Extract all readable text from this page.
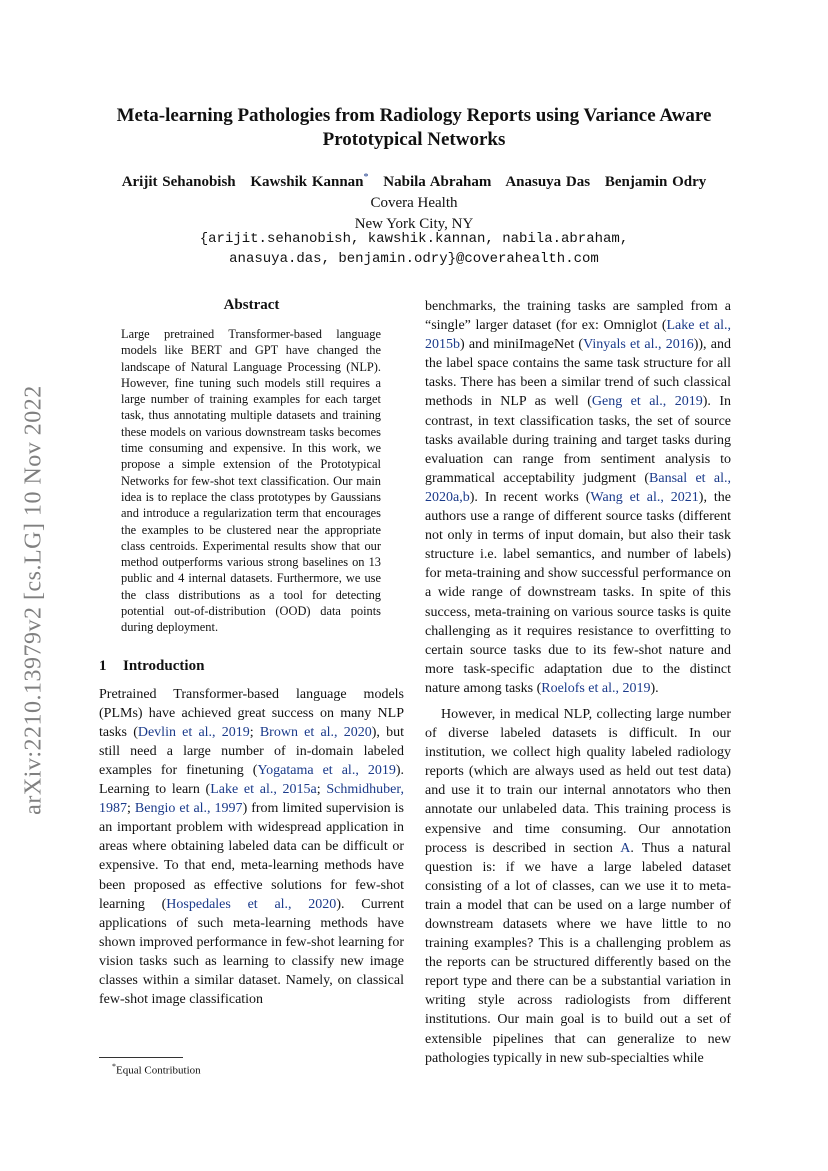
arXiv:2210.13979v2 [cs.LG] 10 Nov 2022
Meta-learning Pathologies from Radiology Reports using Variance Aware Prototypical Networks
Arijit Sehanobish Kawshik Kannan* Nabila Abraham Anasuya Das Benjamin Odry
Covera Health
New York City, NY
{arijit.sehanobish, kawshik.kannan, nabila.abraham,
anasuya.das, benjamin.odry}@coverahealth.com
Abstract

Large pretrained Transformer-based language models like BERT and GPT have changed the landscape of Natural Language Processing (NLP). However, fine tuning such models still requires a large number of training examples for each target task, thus annotating multiple datasets and training these models on various downstream tasks becomes time consuming and expensive. In this work, we propose a simple extension of the Prototypical Networks for few-shot text classification. Our main idea is to replace the class prototypes by Gaussians and introduce a regularization term that encourages the examples to be clustered near the appropriate class centroids. Experimental results show that our method outperforms various strong baselines on 13 public and 4 internal datasets. Furthermore, we use the class distributions as a tool for detecting potential out-of-distribution (OOD) data points during deployment.

1 Introduction

Pretrained Transformer-based language models (PLMs) have achieved great success on many NLP tasks (Devlin et al., 2019; Brown et al., 2020), but still need a large number of in-domain labeled examples for finetuning (Yogatama et al., 2019). Learning to learn (Lake et al., 2015a; Schmidhuber, 1987; Bengio et al., 1997) from limited supervision is an important problem with widespread application in areas where obtaining labeled data can be difficult or expensive. To that end, meta-learning methods have been proposed as effective solutions for few-shot learning (Hospedales et al., 2020). Current applications of such meta-learning methods have shown improved performance in few-shot learning for vision tasks such as learning to classify new image classes within a similar dataset. Namely, on classical few-shot image classification

benchmarks, the training tasks are sampled from a “single” larger dataset (for ex: Omniglot (Lake et al., 2015b) and miniImageNet (Vinyals et al., 2016)), and the label space contains the same task structure for all tasks. There has been a similar trend of such classical methods in NLP as well (Geng et al., 2019). In contrast, in text classification tasks, the set of source tasks available during training and target tasks during evaluation can range from sentiment analysis to grammatical acceptability judgment (Bansal et al., 2020a,b). In recent works (Wang et al., 2021), the authors use a range of different source tasks (different not only in terms of input domain, but also their task structure i.e. label semantics, and number of labels) for meta-training and show successful performance on a wide range of downstream tasks. In spite of this success, meta-training on various source tasks is quite challenging as it requires resistance to overfitting to certain source tasks due to its few-shot nature and more task-specific adaptation due to the distinct nature among tasks (Roelofs et al., 2019).

However, in medical NLP, collecting large number of diverse labeled datasets is difficult. In our institution, we collect high quality labeled radiology reports (which are always used as held out test data) and use it to train our internal annotators who then annotate our unlabeled data. This training process is expensive and time consuming. Our annotation process is described in section A. Thus a natural question is: if we have a large labeled dataset consisting of a lot of classes, can we use it to meta-train a model that can be used on a large number of downstream datasets where we have little to no training examples? This is a challenging problem as the reports can be structured differently based on the report type and there can be a substantial variation in writing style across radiologists from different institutions. Our main goal is to build out a set of extensible pipelines that can generalize to new pathologies typically in new sub-specialties while

*Equal Contribution
